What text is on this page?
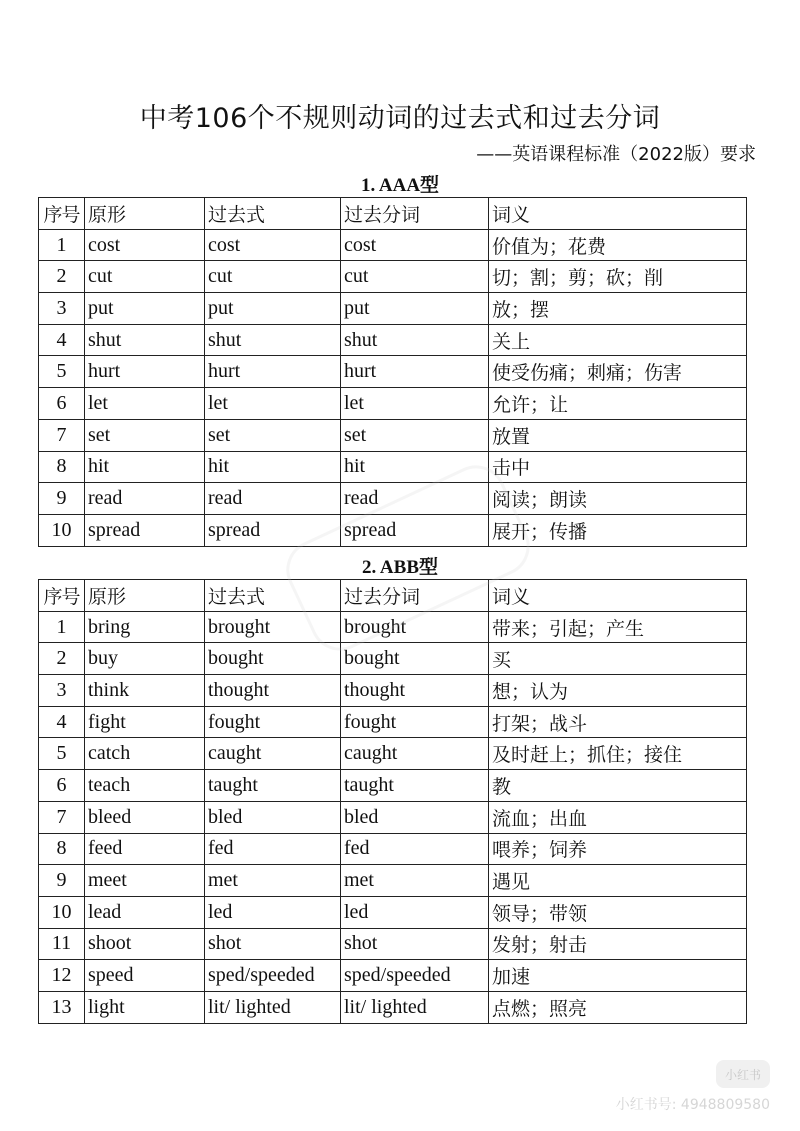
中考106个不规则动词的过去式和过去分词
——英语课程标准（2022版）要求
1. AAA型
序号	原形	过去式	过去分词	词义
1	cost	cost	cost	价值为；花费
2	cut	cut	cut	切；割；剪；砍；削
3	put	put	put	放；摆
4	shut	shut	shut	关上
5	hurt	hurt	hurt	使受伤痛；刺痛；伤害
6	let	let	let	允许；让
7	set	set	set	放置
8	hit	hit	hit	击中
9	read	read	read	阅读；朗读
10	spread	spread	spread	展开；传播
2. ABB型
序号	原形	过去式	过去分词	词义
1	bring	brought	brought	带来；引起；产生
2	buy	bought	bought	买
3	think	thought	thought	想；认为
4	fight	fought	fought	打架；战斗
5	catch	caught	caught	及时赶上；抓住；接住
6	teach	taught	taught	教
7	bleed	bled	bled	流血；出血
8	feed	fed	fed	喂养；饲养
9	meet	met	met	遇见
10	lead	led	led	领导；带领
11	shoot	shot	shot	发射；射击
12	speed	sped/speeded	sped/speeded	加速
13	light	lit/ lighted	lit/ lighted	点燃；照亮
小红书
小红书号: 4948809580
